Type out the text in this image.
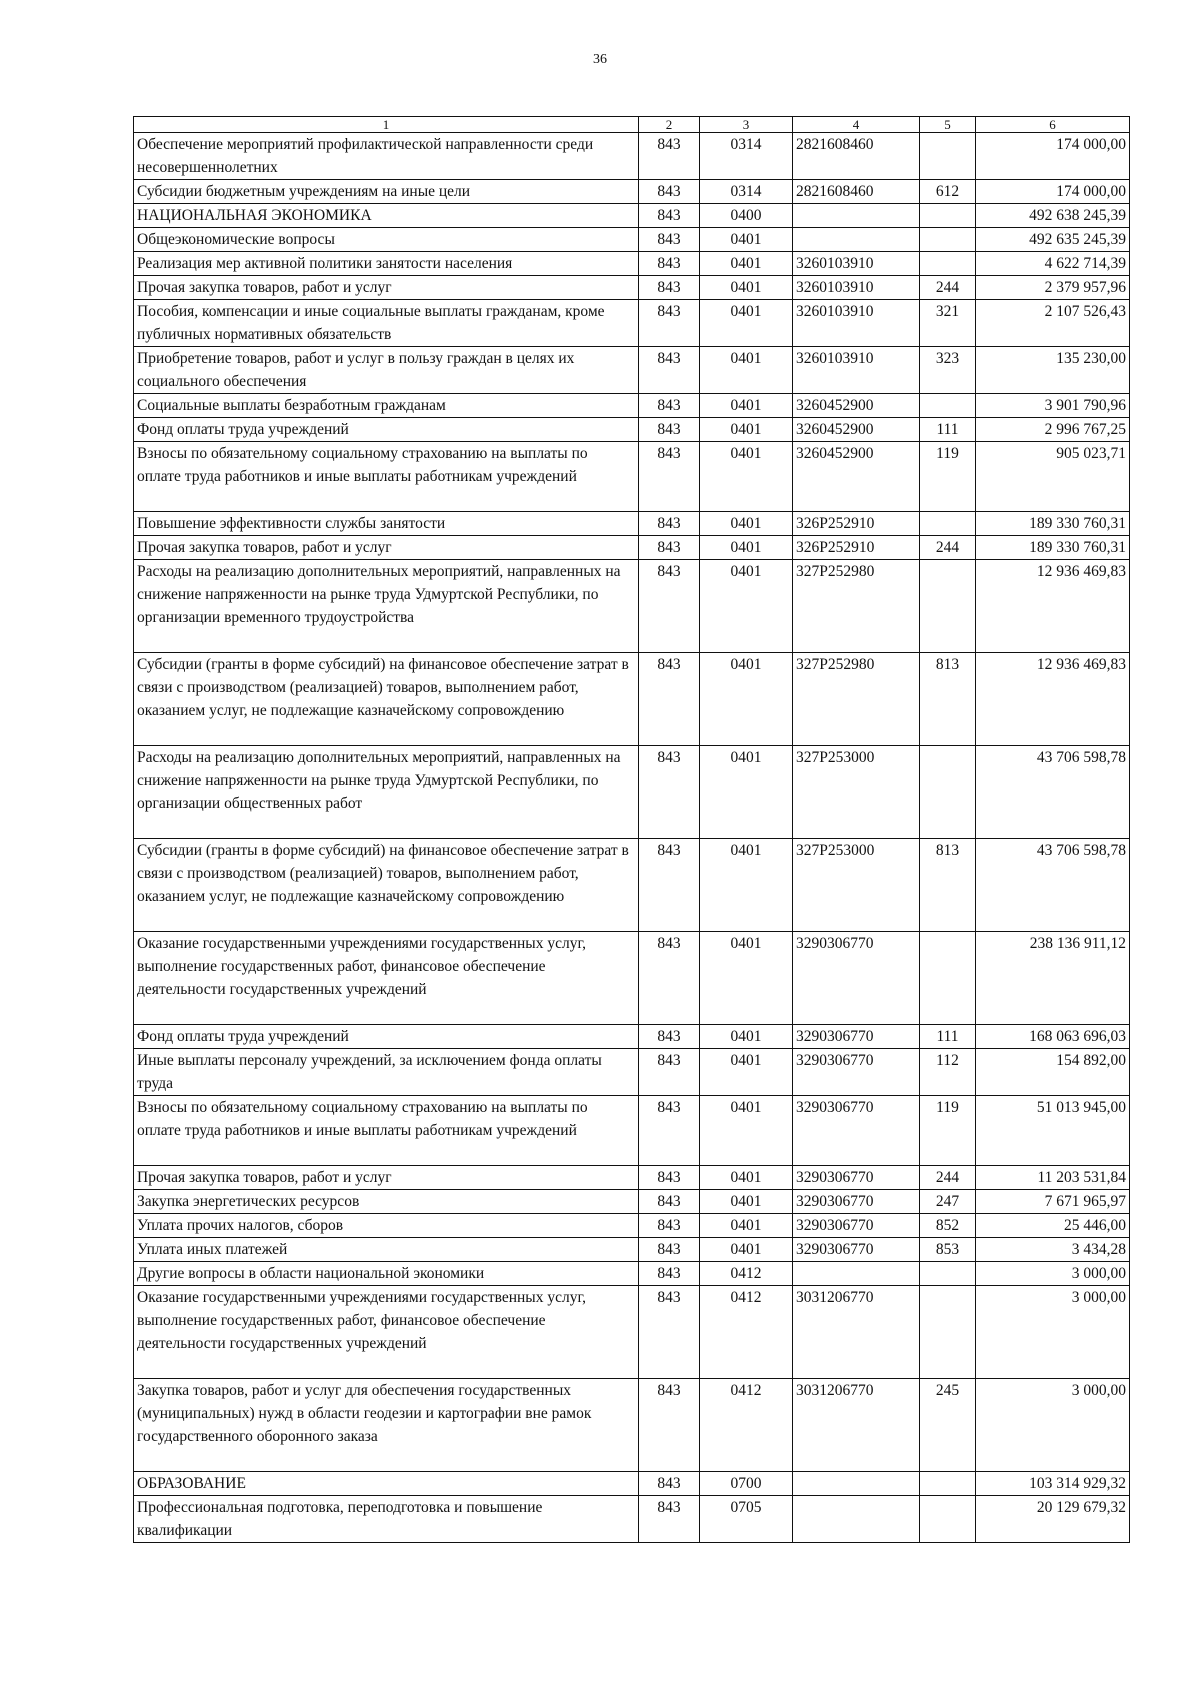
36
1	2	3	4	5	6
Обеспечение мероприятий профилактической направленности среди несовершеннолетних	843	0314	2821608460		174 000,00
Субсидии бюджетным учреждениям на иные цели	843	0314	2821608460	612	174 000,00
НАЦИОНАЛЬНАЯ ЭКОНОМИКА	843	0400			492 638 245,39
Общеэкономические вопросы	843	0401			492 635 245,39
Реализация мер активной политики занятости населения	843	0401	3260103910		4 622 714,39
Прочая закупка товаров, работ и услуг	843	0401	3260103910	244	2 379 957,96
Пособия, компенсации и иные социальные выплаты гражданам, кроме публичных нормативных обязательств	843	0401	3260103910	321	2 107 526,43
Приобретение товаров, работ и услуг в пользу граждан в целях их социального обеспечения	843	0401	3260103910	323	135 230,00
Социальные выплаты безработным гражданам	843	0401	3260452900		3 901 790,96
Фонд оплаты труда учреждений	843	0401	3260452900	111	2 996 767,25
Взносы по обязательному социальному страхованию на выплаты по оплате труда работников и иные выплаты работникам учреждений	843	0401	3260452900	119	905 023,71
Повышение эффективности службы занятости	843	0401	326P252910		189 330 760,31
Прочая закупка товаров, работ и услуг	843	0401	326P252910	244	189 330 760,31
Расходы на реализацию дополнительных мероприятий, направленных на снижение напряженности на рынке труда Удмуртской Республики, по организации временного трудоустройства	843	0401	327P252980		12 936 469,83
Субсидии (гранты в форме субсидий) на финансовое обеспечение затрат в связи с производством (реализацией) товаров, выполнением работ, оказанием услуг, не подлежащие казначейскому сопровождению	843	0401	327P252980	813	12 936 469,83
Расходы на реализацию дополнительных мероприятий, направленных на снижение напряженности на рынке труда Удмуртской Республики, по организации общественных работ	843	0401	327P253000		43 706 598,78
Субсидии (гранты в форме субсидий) на финансовое обеспечение затрат в связи с производством (реализацией) товаров, выполнением работ, оказанием услуг, не подлежащие казначейскому сопровождению	843	0401	327P253000	813	43 706 598,78
Оказание государственными учреждениями государственных услуг, выполнение государственных работ, финансовое обеспечение деятельности государственных учреждений	843	0401	3290306770		238 136 911,12
Фонд оплаты труда учреждений	843	0401	3290306770	111	168 063 696,03
Иные выплаты персоналу учреждений, за исключением фонда оплаты труда	843	0401	3290306770	112	154 892,00
Взносы по обязательному социальному страхованию на выплаты по оплате труда работников и иные выплаты работникам учреждений	843	0401	3290306770	119	51 013 945,00
Прочая закупка товаров, работ и услуг	843	0401	3290306770	244	11 203 531,84
Закупка энергетических ресурсов	843	0401	3290306770	247	7 671 965,97
Уплата прочих налогов, сборов	843	0401	3290306770	852	25 446,00
Уплата иных платежей	843	0401	3290306770	853	3 434,28
Другие вопросы в области национальной экономики	843	0412			3 000,00
Оказание государственными учреждениями государственных услуг, выполнение государственных работ, финансовое обеспечение деятельности государственных учреждений	843	0412	3031206770		3 000,00
Закупка товаров, работ и услуг для обеспечения государственных (муниципальных) нужд в области геодезии и картографии вне рамок государственного оборонного заказа	843	0412	3031206770	245	3 000,00
ОБРАЗОВАНИЕ	843	0700			103 314 929,32
Профессиональная подготовка, переподготовка и повышение квалификации	843	0705			20 129 679,32
